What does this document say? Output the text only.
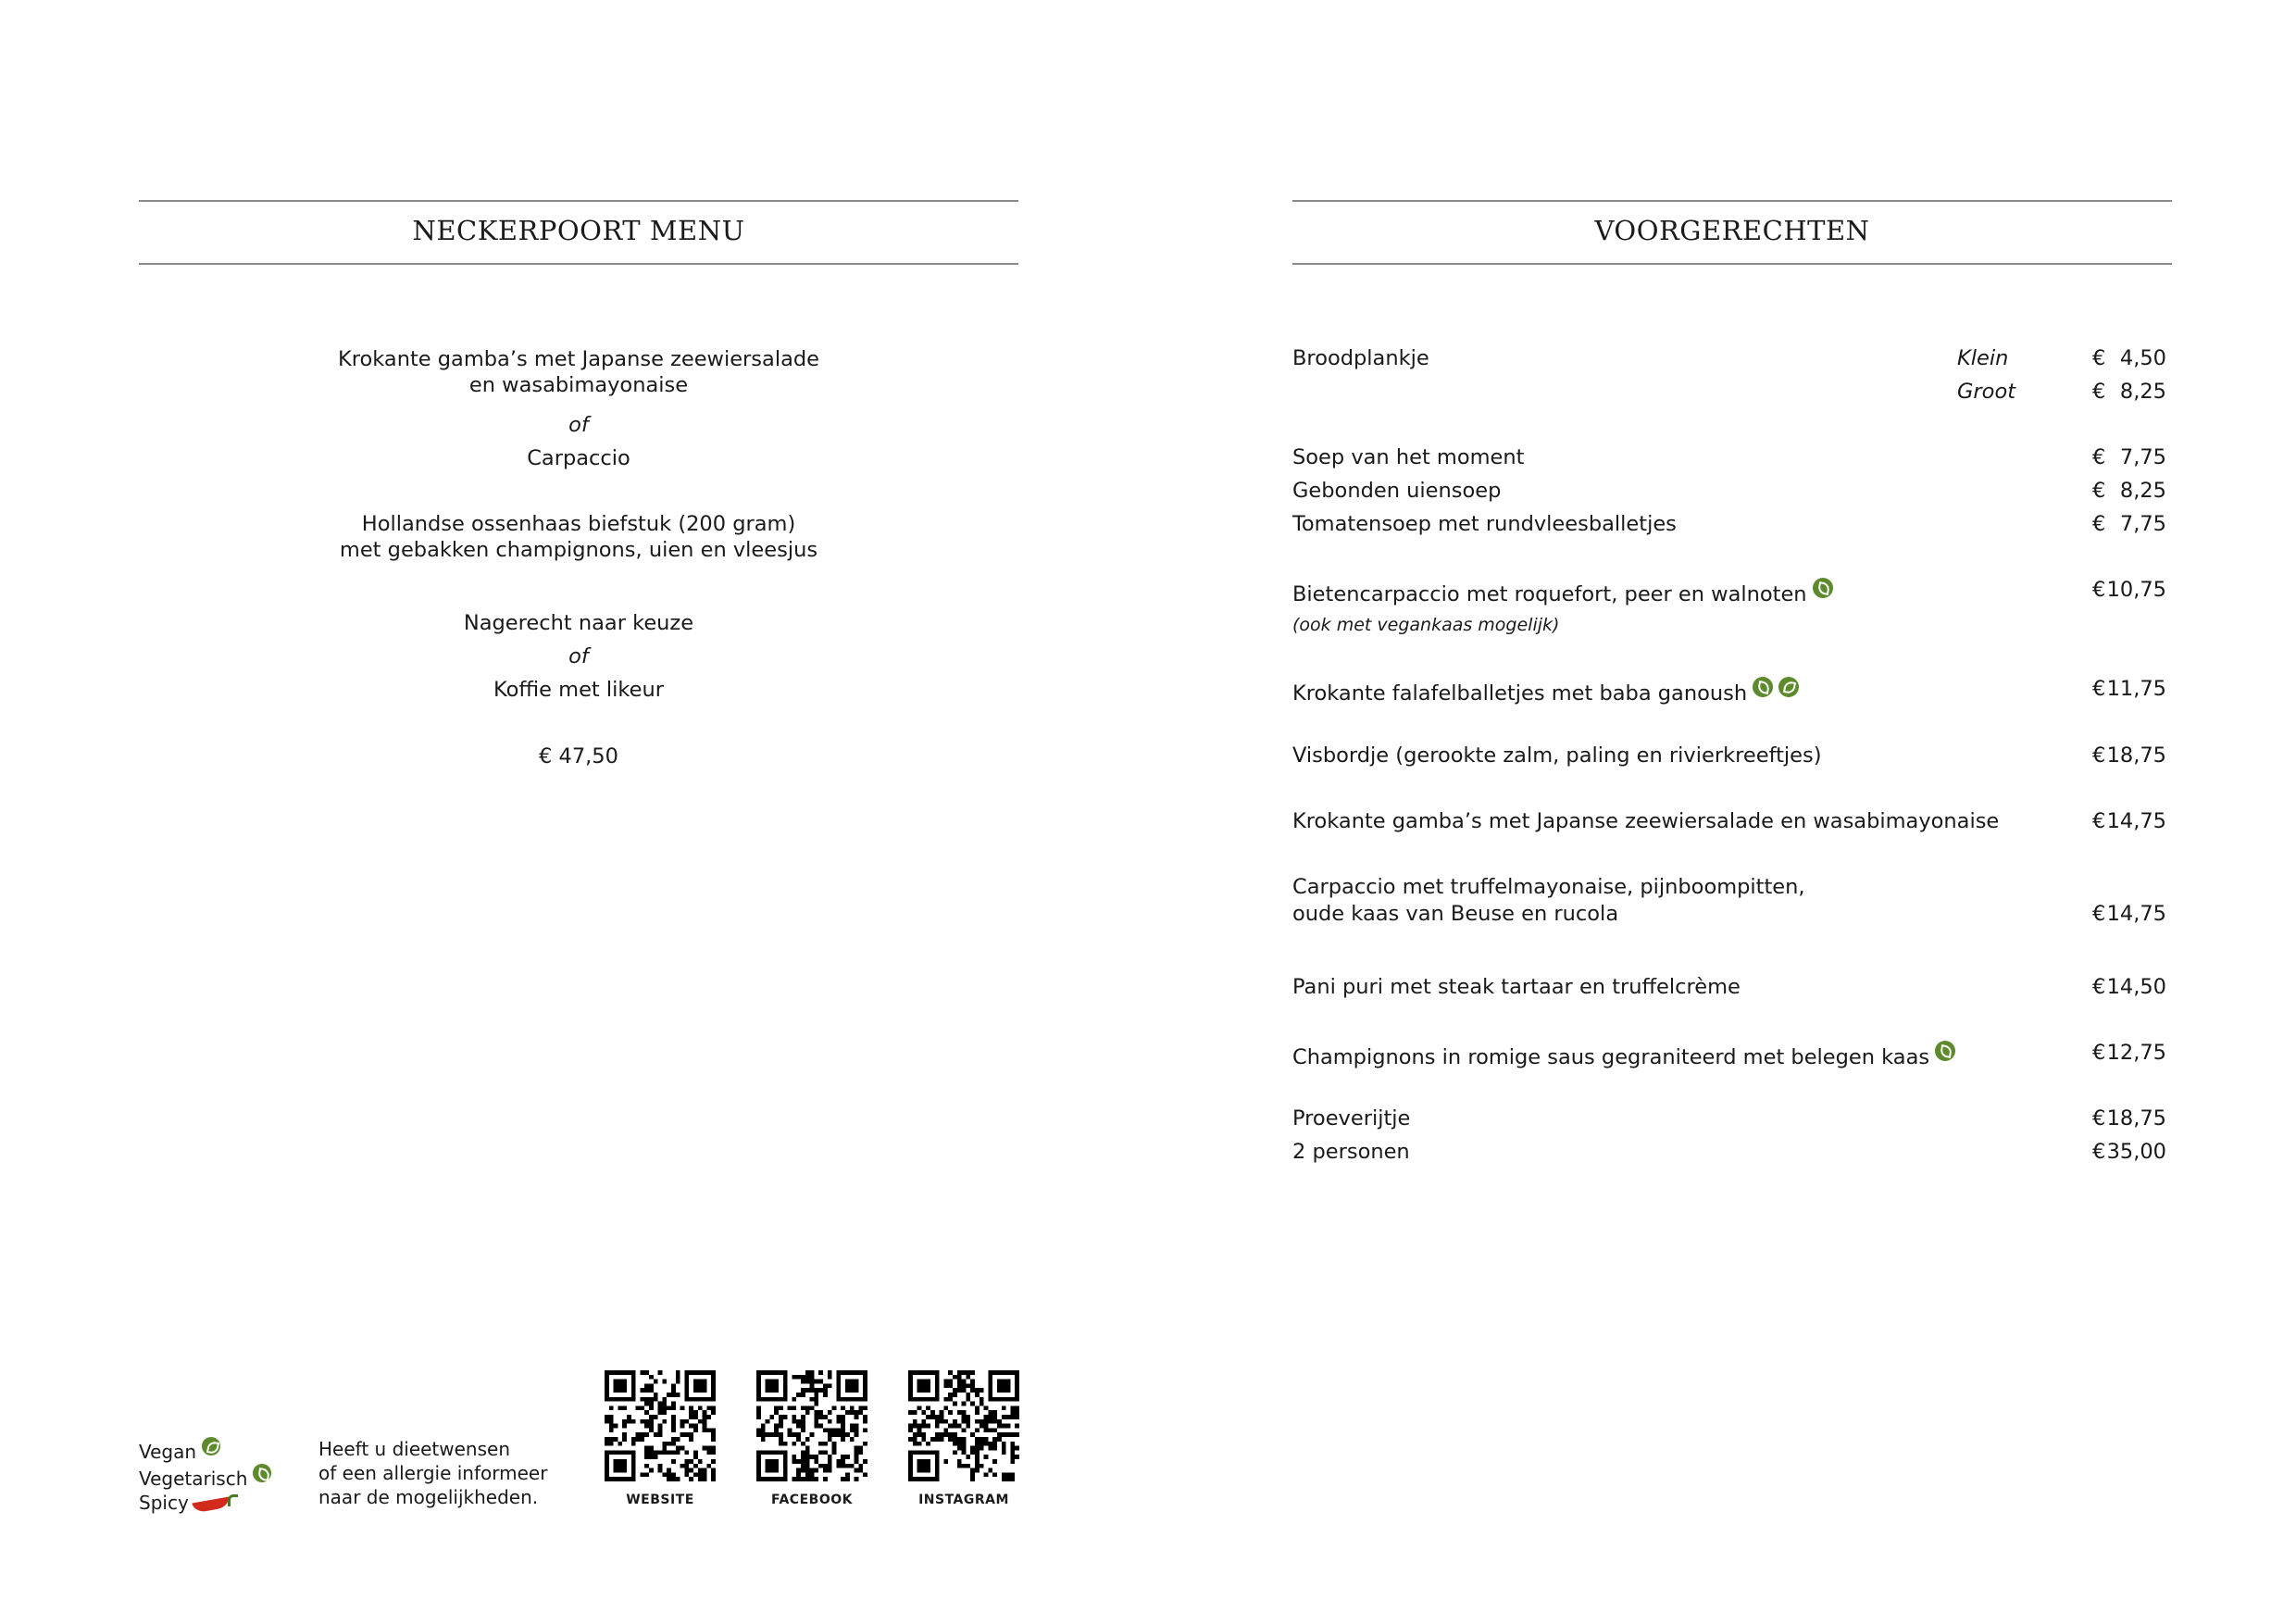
NECKERPOORT MENU	VOORGERECHTEN
Krokante gamba’s met Japanse zeewiersalade
en wasabimayonaise
of
Carpaccio
Hollandse ossenhaas biefstuk (200 gram)
met gebakken champignons, uien en vleesjus
Nagerecht naar keuze
of
Koffie met likeur
€ 47,50
Broodplankje	Klein	€ 4,50
Groot	€ 8,25
Soep van het moment	€ 7,75
Gebonden uiensoep	€ 8,25
Tomatensoep met rundvleesballetjes	€ 7,75
Bietencarpaccio met roquefort, peer en walnoten	€ 10,75
(ook met vegankaas mogelijk)
Krokante falafelballetjes met baba ganoush	€ 11,75
Visbordje (gerookte zalm, paling en rivierkreeftjes)	€ 18,75
Krokante gamba’s met Japanse zeewiersalade en wasabimayonaise	€ 14,75
Carpaccio met truffelmayonaise, pijnboompitten,
oude kaas van Beuse en rucola	€ 14,75
Pani puri met steak tartaar en truffelcrème	€ 14,50
Champignons in romige saus gegraniteerd met belegen kaas	€ 12,75
Proeverijtje	€ 18,75
2 personen	€ 35,00
Vegan
Vegetarisch
Spicy
Heeft u dieetwensen
of een allergie informeer
naar de mogelijkheden.	WEBSITE	FACEBOOK	INSTAGRAM
